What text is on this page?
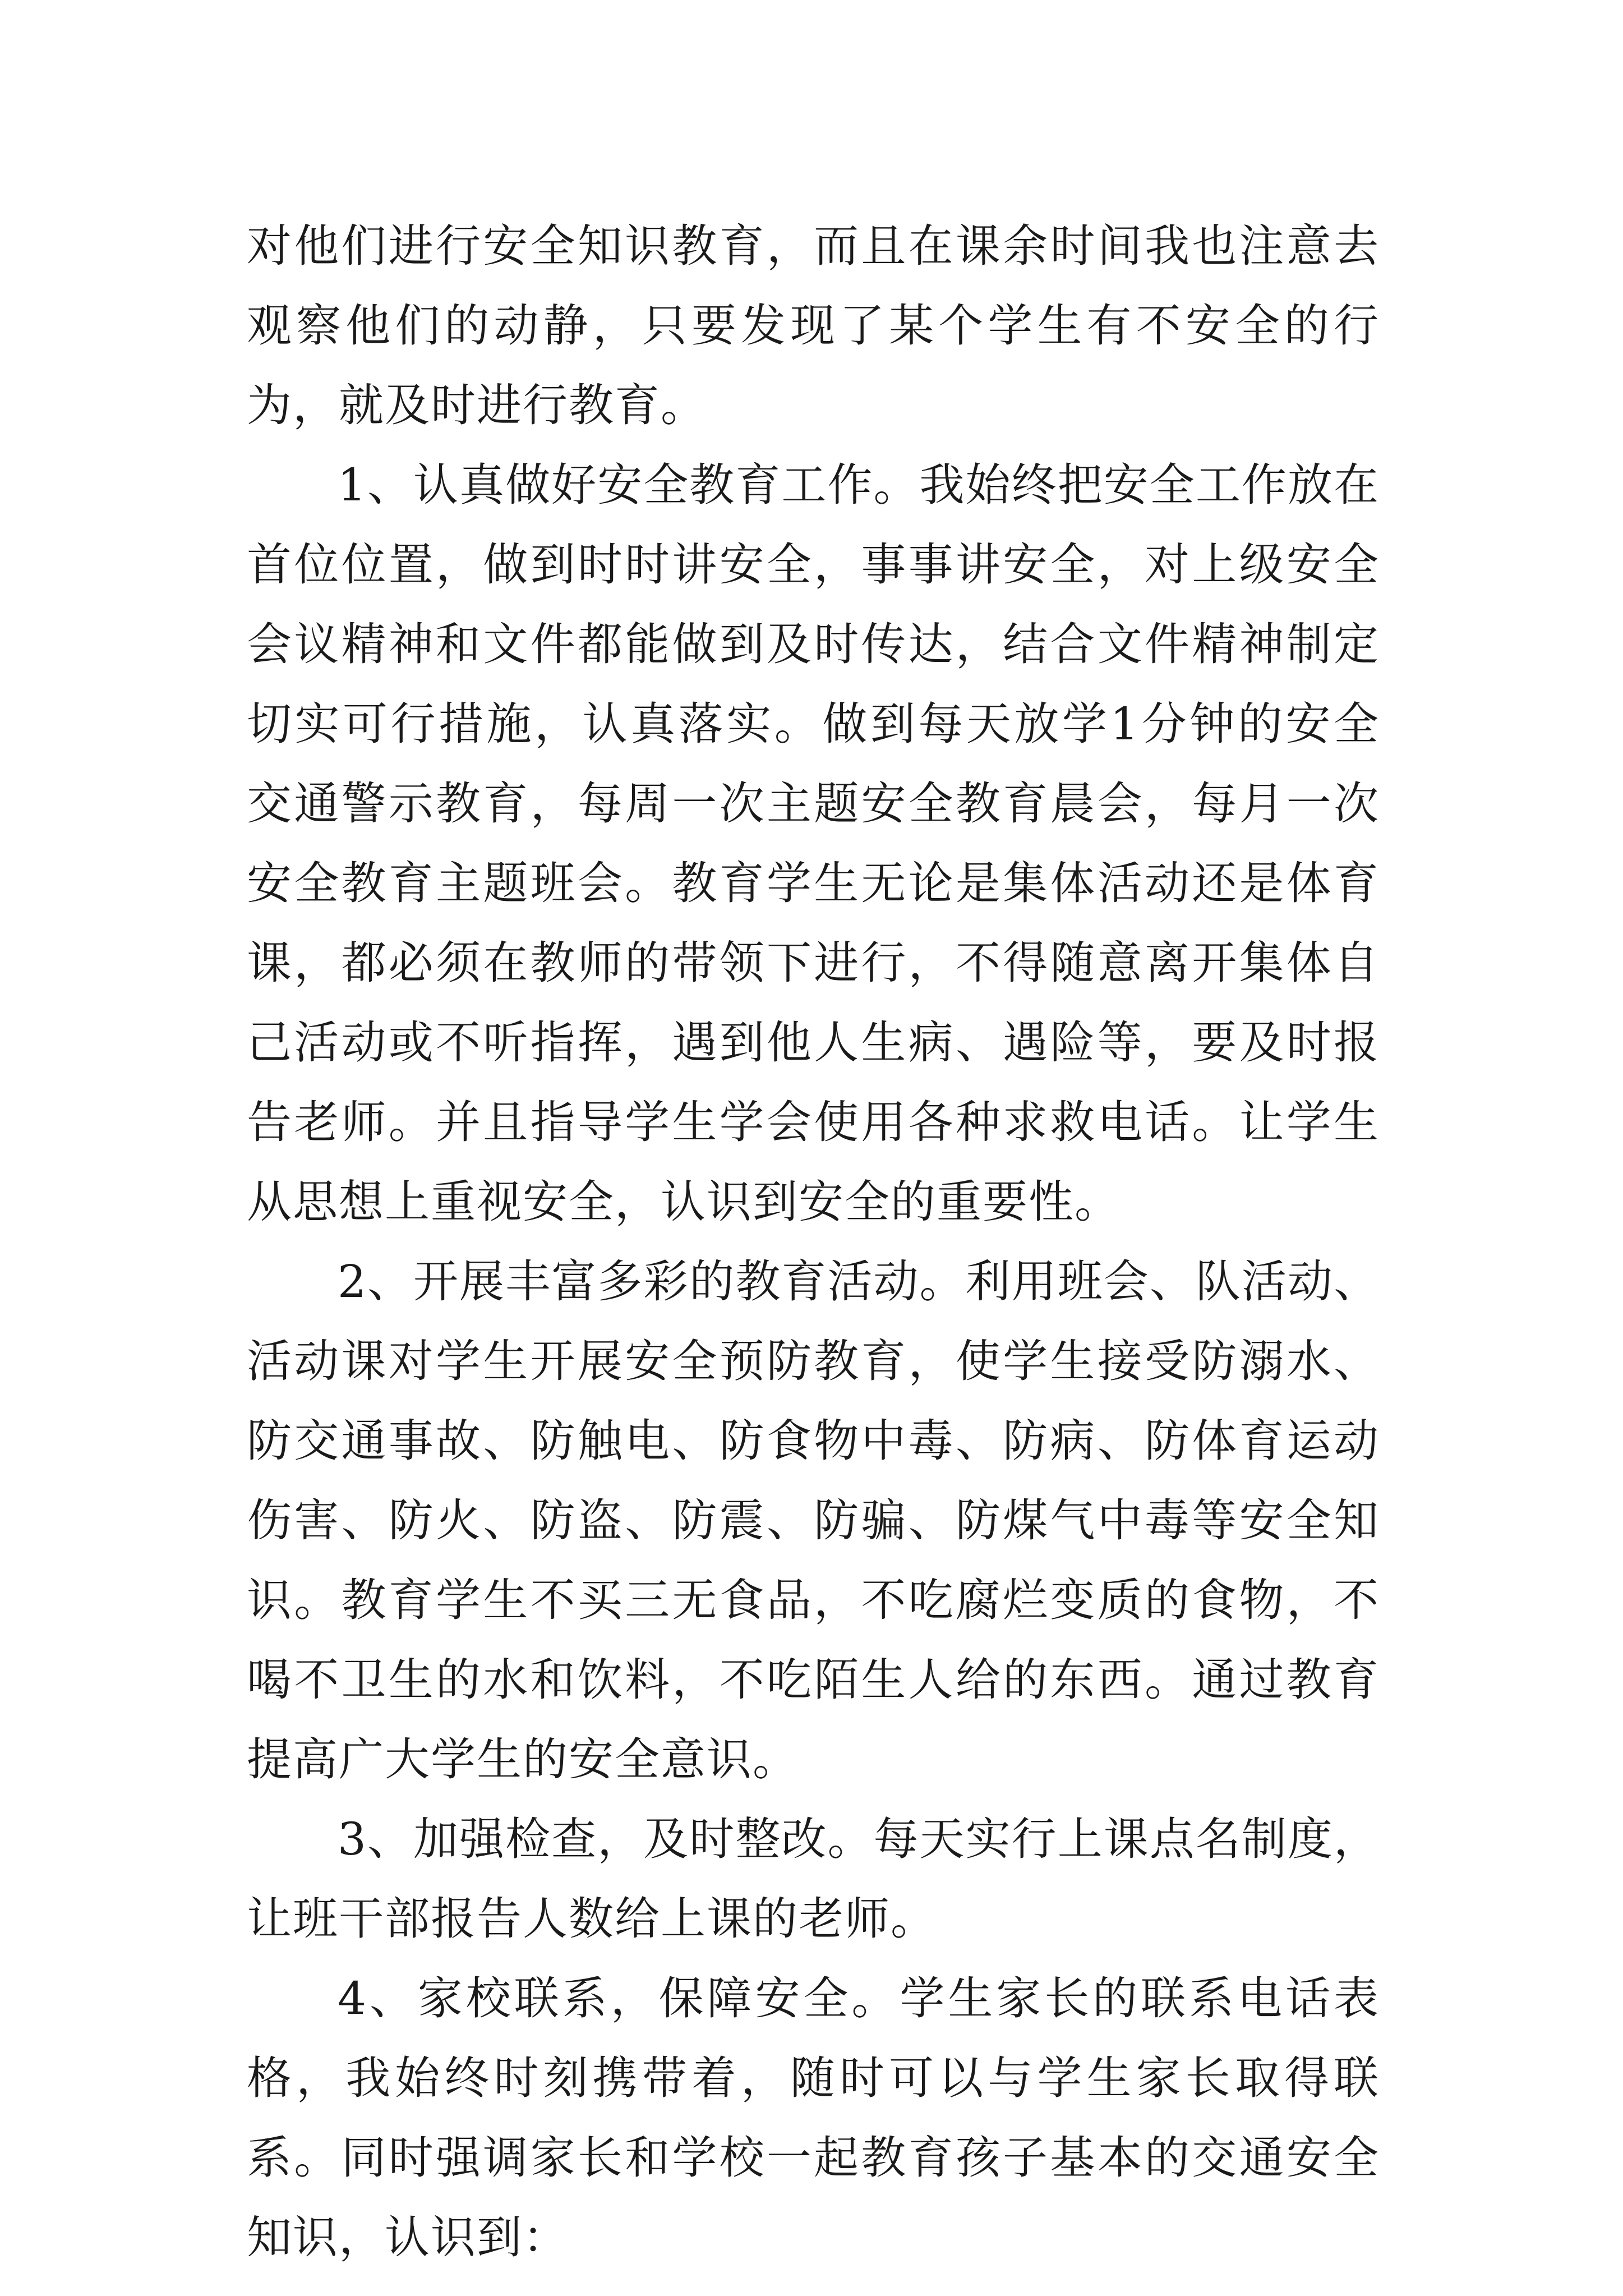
对他们进行安全知识教育，而且在课余时间我也注意去观察他们的动静，只要发现了某个学生有不安全的行为，就及时进行教育。

1、认真做好安全教育工作。我始终把安全工作放在首位位置，做到时时讲安全，事事讲安全，对上级安全会议精神和文件都能做到及时传达，结合文件精神制定切实可行措施，认真落实。做到每天放学1分钟的安全交通警示教育，每周一次主题安全教育晨会，每月一次安全教育主题班会。教育学生无论是集体活动还是体育课，都必须在教师的带领下进行，不得随意离开集体自己活动或不听指挥，遇到他人生病、遇险等，要及时报告老师。并且指导学生学会使用各种求救电话。让学生从思想上重视安全，认识到安全的重要性。

2、开展丰富多彩的教育活动。利用班会、队活动、活动课对学生开展安全预防教育，使学生接受防溺水、防交通事故、防触电、防食物中毒、防病、防体育运动伤害、防火、防盗、防震、防骗、防煤气中毒等安全知识。教育学生不买三无食品，不吃腐烂变质的食物，不喝不卫生的水和饮料，不吃陌生人给的东西。通过教育提高广大学生的安全意识。

3、加强检查，及时整改。每天实行上课点名制度，让班干部报告人数给上课的老师。

4、家校联系，保障安全。学生家长的联系电话表格，我始终时刻携带着，随时可以与学生家长取得联系。同时强调家长和学校一起教育孩子基本的交通安全知识，认识到：
